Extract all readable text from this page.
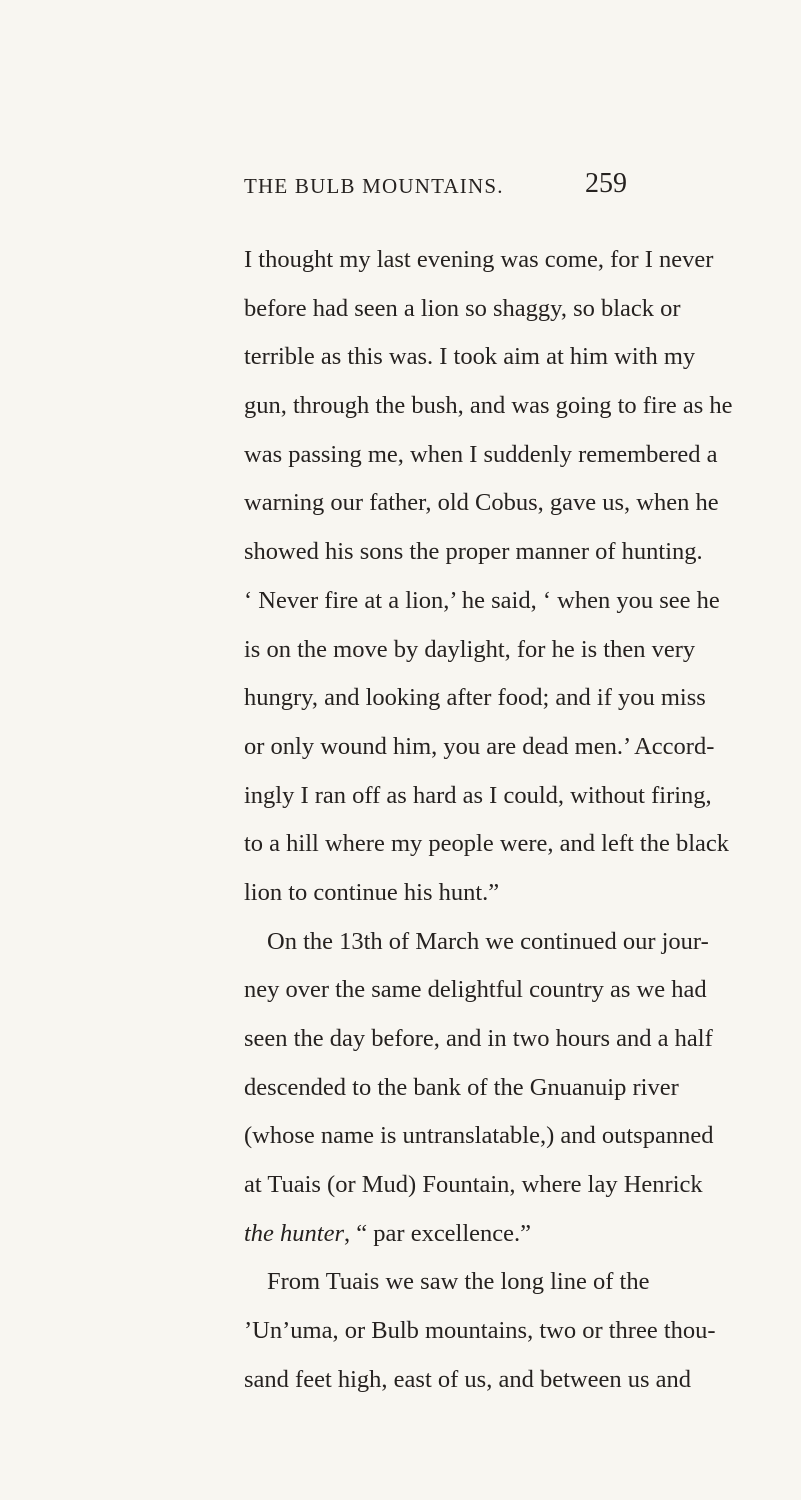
THE BULB MOUNTAINS.	259
I thought my last evening was come, for I never
before had seen a lion so shaggy, so black or
terrible as this was. I took aim at him with my
gun, through the bush, and was going to fire as he
was passing me, when I suddenly remembered a
warning our father, old Cobus, gave us, when he
showed his sons the proper manner of hunting.
‘ Never fire at a lion,’ he said, ‘ when you see he
is on the move by daylight, for he is then very
hungry, and looking after food; and if you miss
or only wound him, you are dead men.’ Accord-
ingly I ran off as hard as I could, without firing,
to a hill where my people were, and left the black
lion to continue his hunt.”
On the 13th of March we continued our jour-
ney over the same delightful country as we had
seen the day before, and in two hours and a half
descended to the bank of the Gnuanuip river
(whose name is untranslatable,) and outspanned
at Tuais (or Mud) Fountain, where lay Henrick
the hunter, “ par excellence.”
From Tuais we saw the long line of the
’Un’uma, or Bulb mountains, two or three thou-
sand feet high, east of us, and between us and
